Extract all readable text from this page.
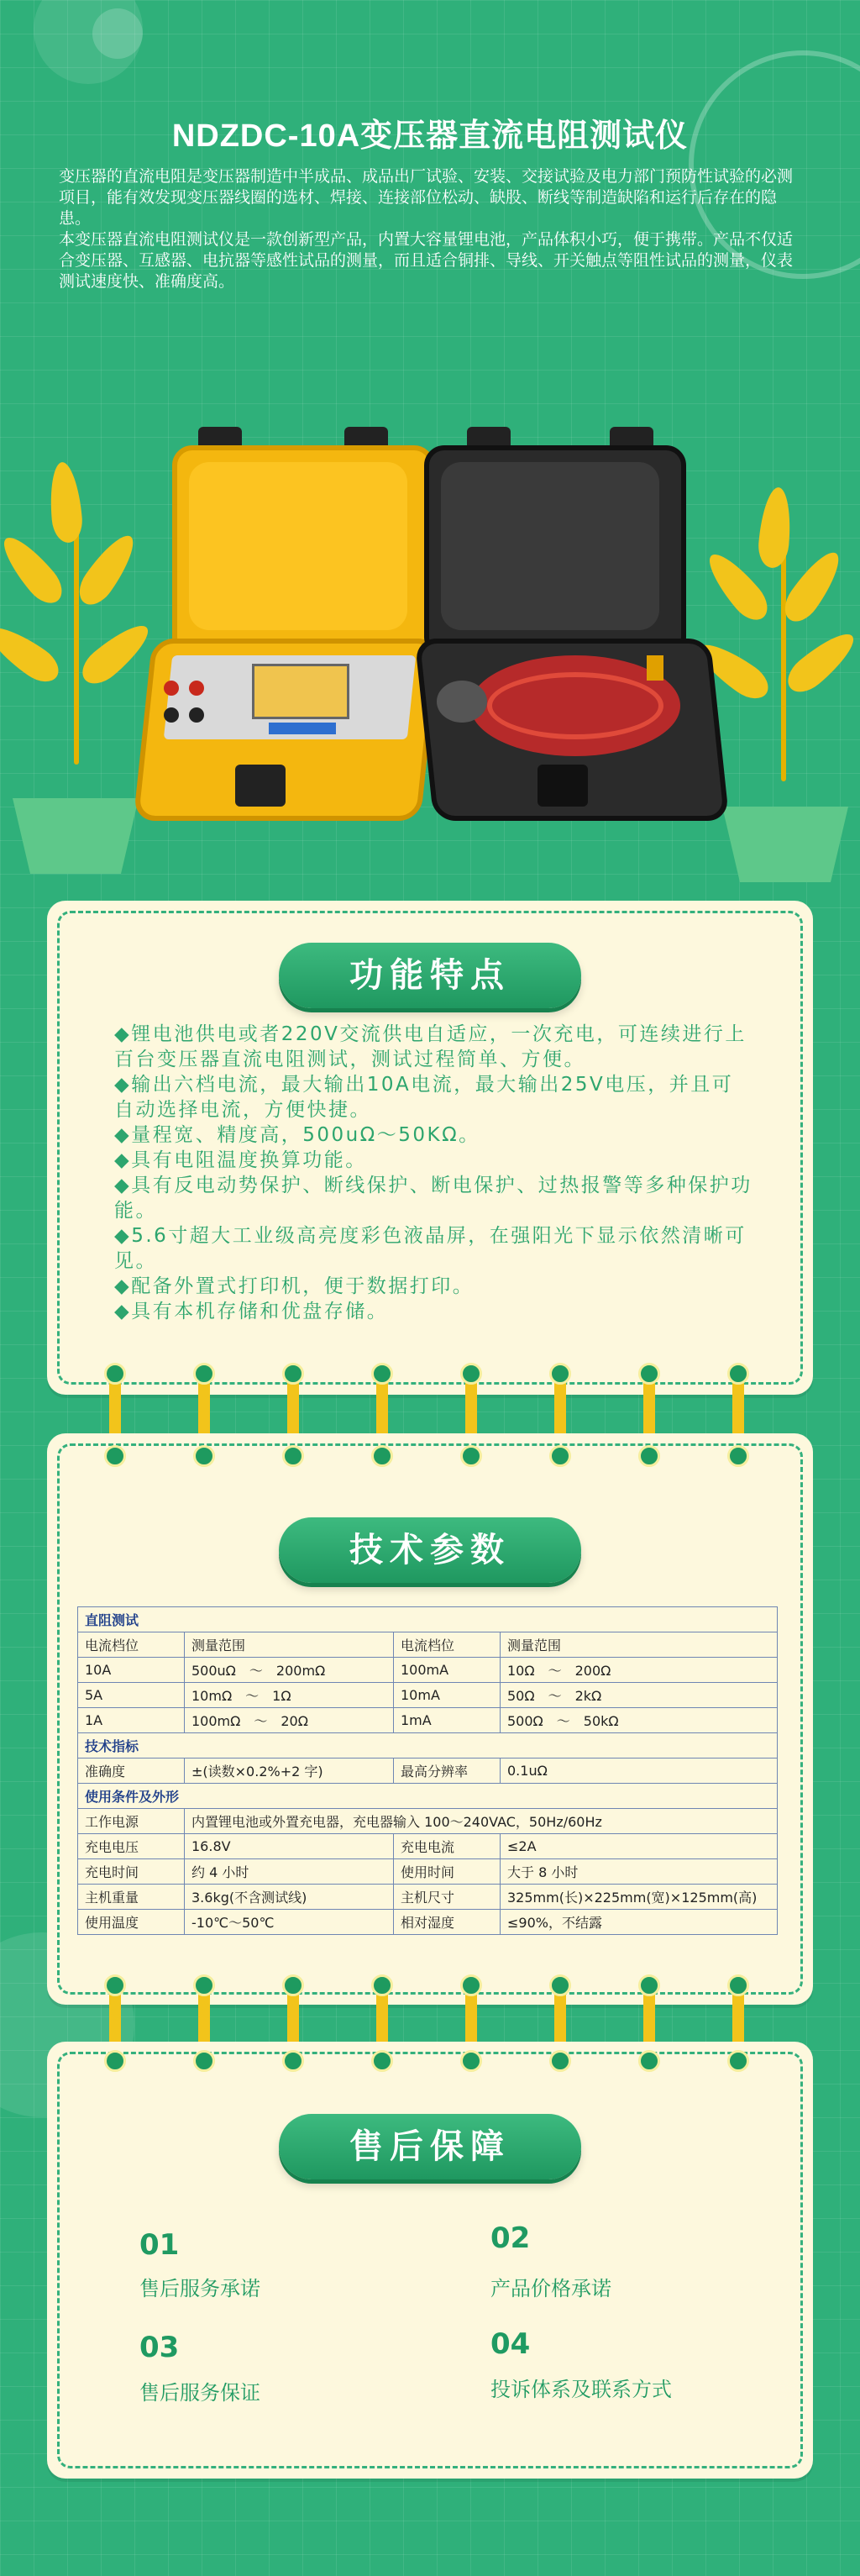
NDZDC-10A变压器直流电阻测试仪

变压器的直流电阻是变压器制造中半成品、成品出厂试验、安装、交接试验及电力部门预防性试验的必测项目，能有效发现变压器线圈的选材、焊接、连接部位松动、缺股、断线等制造缺陷和运行后存在的隐患。

本变压器直流电阻测试仪是一款创新型产品，内置大容量锂电池，产品体积小巧，便于携带。产品不仅适合变压器、互感器、电抗器等感性试品的测量，而且适合铜排、导线、开关触点等阻性试品的测量，仪表测试速度快、准确度高。

功能特点
◆锂电池供电或者220V交流供电自适应，一次充电，可连续进行上百台变压器直流电阻测试，测试过程简单、方便。
◆输出六档电流，最大输出10A电流，最大输出25V电压，并且可自动选择电流，方便快捷。
◆量程宽、精度高，500uΩ～50KΩ。
◆具有电阻温度换算功能。
◆具有反电动势保护、断线保护、断电保护、过热报警等多种保护功能。
◆5.6寸超大工业级高亮度彩色液晶屏，在强阳光下显示依然清晰可见。
◆配备外置式打印机，便于数据打印。
◆具有本机存储和优盘存储。
技术参数
直阻测试			
电流档位	测量范围	电流档位	测量范围
10A	500uΩ　～　200mΩ	100mA	10Ω　～　200Ω
5A	10mΩ　～　1Ω	10mA	50Ω　～　2kΩ
1A	100mΩ　～　20Ω	1mA	500Ω　～　50kΩ
技术指标			
准确度	±(读数×0.2%+2 字)	最高分辨率	0.1uΩ
使用条件及外形			
工作电源	内置锂电池或外置充电器，充电器输入 100～240VAC，50Hz/60Hz		
充电电压	16.8V	充电电流	≤2A
充电时间	约 4 小时	使用时间	大于 8 小时
主机重量	3.6kg(不含测试线)	主机尺寸	325mm(长)×225mm(宽)×125mm(高)
使用温度	-10℃～50℃	相对湿度	≤90%，不结露
售后保障
01
售后服务承诺
02
产品价格承诺
03
售后服务保证
04
投诉体系及联系方式
